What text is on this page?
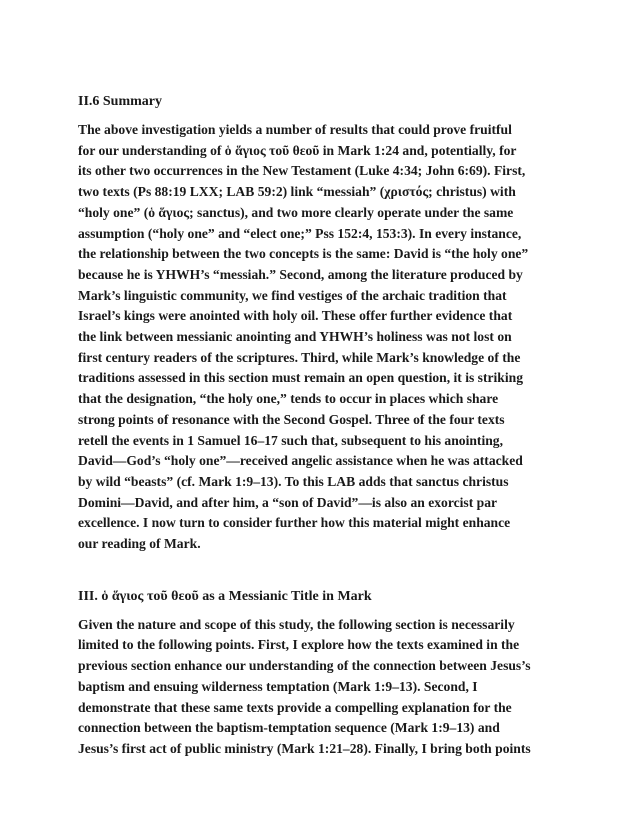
II.6 Summary
The above investigation yields a number of results that could prove fruitful
for our understanding of ὁ ἅγιος τοῦ θεοῦ in Mark 1:24 and, potentially, for
its other two occurrences in the New Testament (Luke 4:34; John 6:69). First,
two texts (Ps 88:19 LXX; LAB 59:2) link “messiah” (χριστός; christus) with
“holy one” (ὁ ἅγιος; sanctus), and two more clearly operate under the same
assumption (“holy one” and “elect one;” Pss 152:4, 153:3). In every instance,
the relationship between the two concepts is the same: David is “the holy one”
because he is YHWH’s “messiah.” Second, among the literature produced by
Mark’s linguistic community, we find vestiges of the archaic tradition that
Israel’s kings were anointed with holy oil. These offer further evidence that
the link between messianic anointing and YHWH’s holiness was not lost on
first century readers of the scriptures. Third, while Mark’s knowledge of the
traditions assessed in this section must remain an open question, it is striking
that the designation, “the holy one,” tends to occur in places which share
strong points of resonance with the Second Gospel. Three of the four texts
retell the events in 1 Samuel 16–17 such that, subsequent to his anointing,
David—God’s “holy one”—received angelic assistance when he was attacked
by wild “beasts” (cf. Mark 1:9–13). To this LAB adds that sanctus christus
Domini—David, and after him, a “son of David”—is also an exorcist par
excellence. I now turn to consider further how this material might enhance
our reading of Mark.
III. ὁ ἅγιος τοῦ θεοῦ as a Messianic Title in Mark
Given the nature and scope of this study, the following section is necessarily
limited to the following points. First, I explore how the texts examined in the
previous section enhance our understanding of the connection between Jesus’s
baptism and ensuing wilderness temptation (Mark 1:9–13). Second, I
demonstrate that these same texts provide a compelling explanation for the
connection between the baptism-temptation sequence (Mark 1:9–13) and
Jesus’s first act of public ministry (Mark 1:21–28). Finally, I bring both points
